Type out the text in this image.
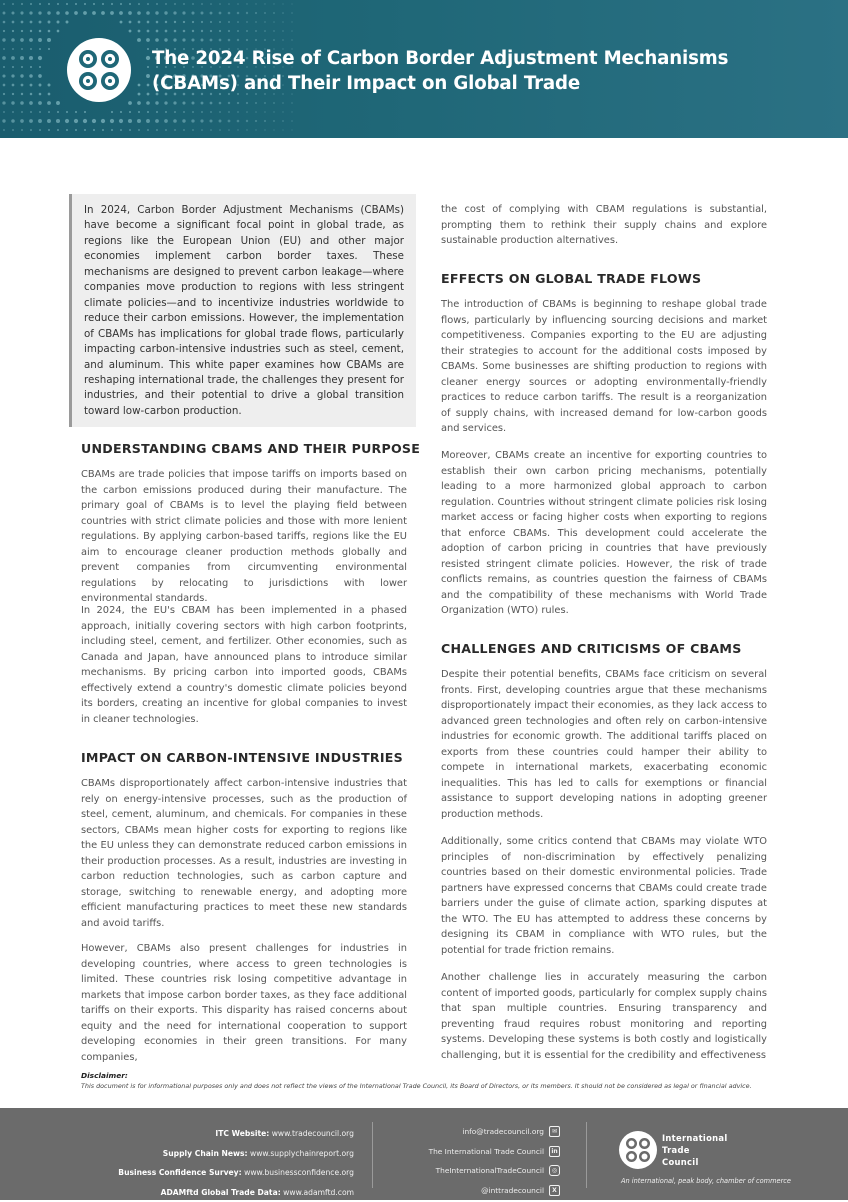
The 2024 Rise of Carbon Border Adjustment Mechanisms
(CBAMs) and Their Impact on Global Trade
In 2024, Carbon Border Adjustment Mechanisms (CBAMs) have become a significant focal point in global trade, as regions like the European Union (EU) and other major economies implement carbon border taxes. These mechanisms are designed to prevent carbon leakage—where companies move production to regions with less stringent climate policies—and to incentivize industries worldwide to reduce their carbon emissions. However, the implementation of CBAMs has implications for global trade flows, particularly impacting carbon-intensive industries such as steel, cement, and aluminum. This white paper examines how CBAMs are reshaping international trade, the challenges they present for industries, and their potential to drive a global transition toward low-carbon production.
UNDERSTANDING CBAMS AND THEIR PURPOSE

CBAMs are trade policies that impose tariffs on imports based on the carbon emissions produced during their manufacture. The primary goal of CBAMs is to level the playing field between countries with strict climate policies and those with more lenient regulations. By applying carbon-based tariffs, regions like the EU aim to encourage cleaner production methods globally and prevent companies from circumventing environmental regulations by relocating to jurisdictions with lower environmental standards.

In 2024, the EU's CBAM has been implemented in a phased approach, initially covering sectors with high carbon footprints, including steel, cement, and fertilizer. Other economies, such as Canada and Japan, have announced plans to introduce similar mechanisms. By pricing carbon into imported goods, CBAMs effectively extend a country's domestic climate policies beyond its borders, creating an incentive for global companies to invest in cleaner technologies.

IMPACT ON CARBON-INTENSIVE INDUSTRIES

CBAMs disproportionately affect carbon-intensive industries that rely on energy-intensive processes, such as the production of steel, cement, aluminum, and chemicals. For companies in these sectors, CBAMs mean higher costs for exporting to regions like the EU unless they can demonstrate reduced carbon emissions in their production processes. As a result, industries are investing in carbon reduction technologies, such as carbon capture and storage, switching to renewable energy, and adopting more efficient manufacturing practices to meet these new standards and avoid tariffs.

However, CBAMs also present challenges for industries in developing countries, where access to green technologies is limited. These countries risk losing competitive advantage in markets that impose carbon border taxes, as they face additional tariffs on their exports. This disparity has raised concerns about equity and the need for international cooperation to support developing economies in their green transitions. For many companies,

the cost of complying with CBAM regulations is substantial, prompting them to rethink their supply chains and explore sustainable production alternatives.

EFFECTS ON GLOBAL TRADE FLOWS

The introduction of CBAMs is beginning to reshape global trade flows, particularly by influencing sourcing decisions and market competitiveness. Companies exporting to the EU are adjusting their strategies to account for the additional costs imposed by CBAMs. Some businesses are shifting production to regions with cleaner energy sources or adopting environmentally-friendly practices to reduce carbon tariffs. The result is a reorganization of supply chains, with increased demand for low-carbon goods and services.

Moreover, CBAMs create an incentive for exporting countries to establish their own carbon pricing mechanisms, potentially leading to a more harmonized global approach to carbon regulation. Countries without stringent climate policies risk losing market access or facing higher costs when exporting to regions that enforce CBAMs. This development could accelerate the adoption of carbon pricing in countries that have previously resisted stringent climate policies. However, the risk of trade conflicts remains, as countries question the fairness of CBAMs and the compatibility of these mechanisms with World Trade Organization (WTO) rules.

CHALLENGES AND CRITICISMS OF CBAMS

Despite their potential benefits, CBAMs face criticism on several fronts. First, developing countries argue that these mechanisms disproportionately impact their economies, as they lack access to advanced green technologies and often rely on carbon-intensive industries for economic growth. The additional tariffs placed on exports from these countries could hamper their ability to compete in international markets, exacerbating economic inequalities. This has led to calls for exemptions or financial assistance to support developing nations in adopting greener production methods.

Additionally, some critics contend that CBAMs may violate WTO principles of non-discrimination by effectively penalizing countries based on their domestic environmental policies. Trade partners have expressed concerns that CBAMs could create trade barriers under the guise of climate action, sparking disputes at the WTO. The EU has attempted to address these concerns by designing its CBAM in compliance with WTO rules, but the potential for trade friction remains.

Another challenge lies in accurately measuring the carbon content of imported goods, particularly for complex supply chains that span multiple countries. Ensuring transparency and preventing fraud requires robust monitoring and reporting systems. Developing these systems is both costly and logistically challenging, but it is essential for the credibility and effectiveness

Disclaimer:
This document is for informational purposes only and does not reflect the views of the International Trade Council, its Board of Directors, or its members. It should not be considered as legal or financial advice.
ITC Website: www.tradecouncil.org
Supply Chain News: www.supplychainreport.org
Business Confidence Survey: www.businessconfidence.org
ADAMftd Global Trade Data: www.adamftd.com
info@tradecouncil.org	✉
The International Trade Council	in
TheInternationalTradeCouncil	◎
@inttradecouncil	X
International
Trade
Council
An international, peak body, chamber of commerce
